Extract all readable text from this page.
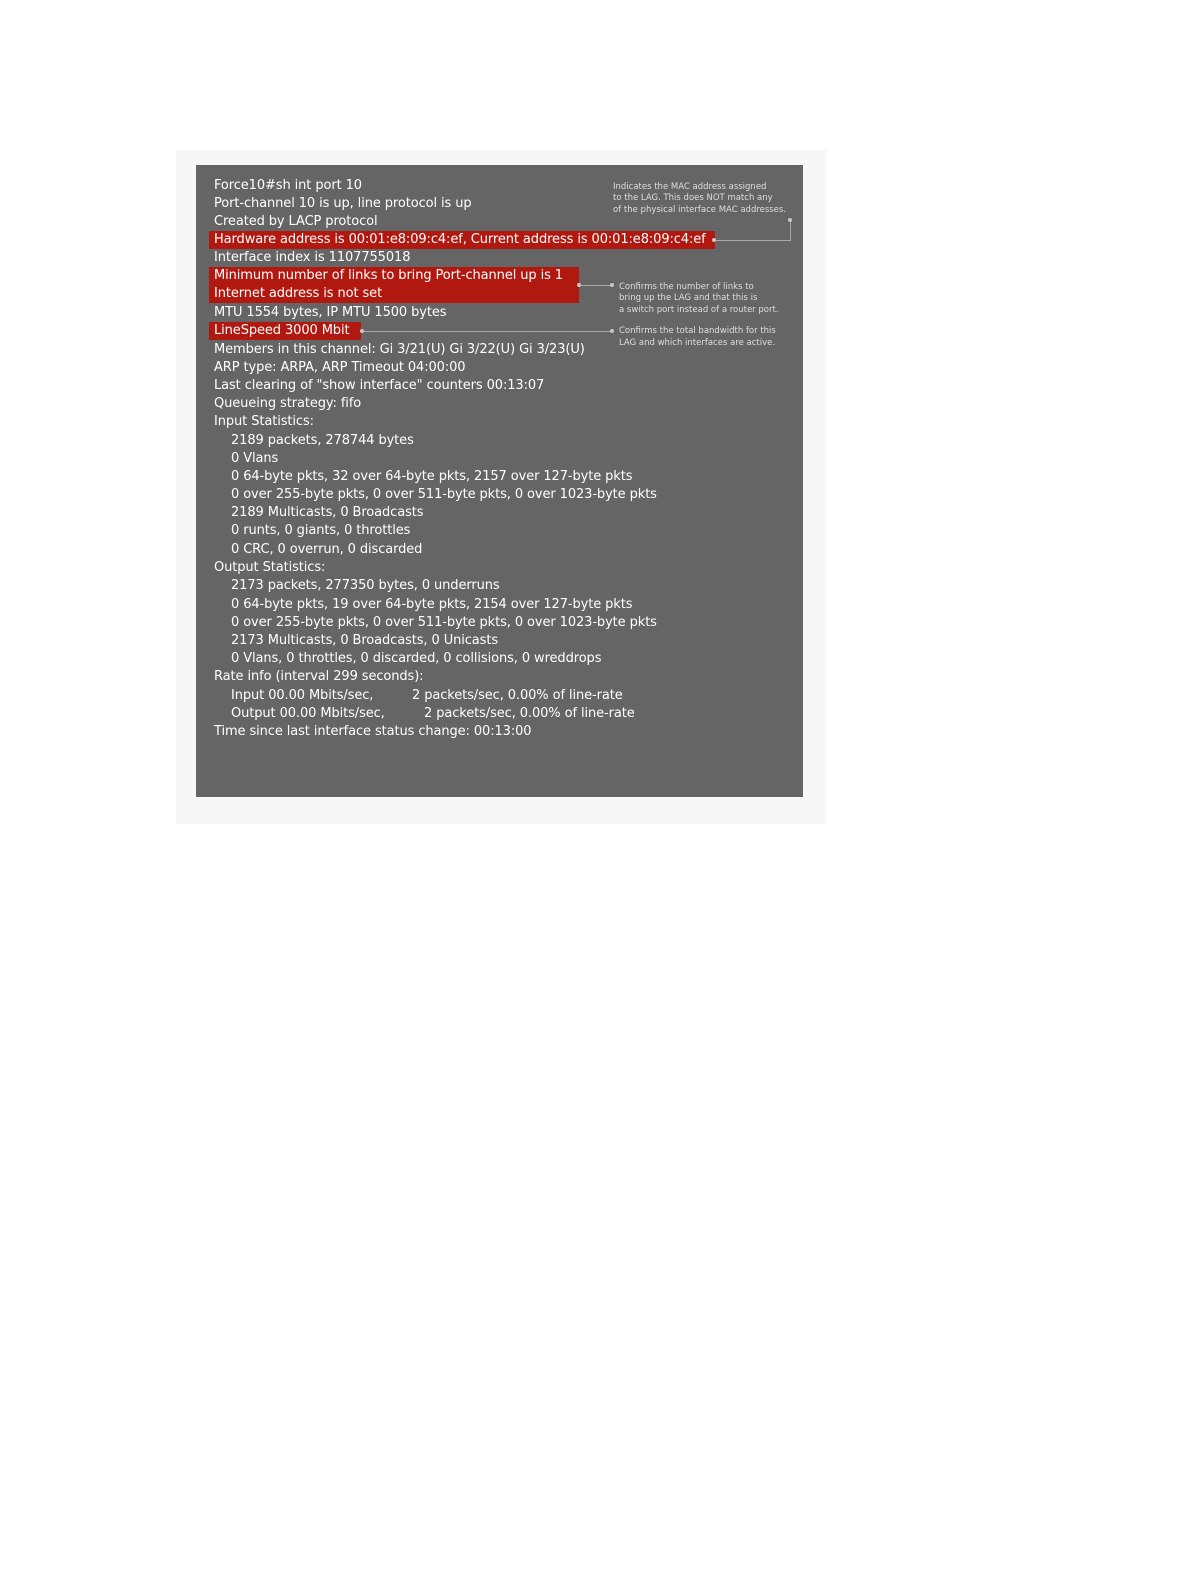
Force10#sh int port 10
Port-channel 10 is up, line protocol is up
Created by LACP protocol
Hardware address is 00:01:e8:09:c4:ef, Current address is 00:01:e8:09:c4:ef
Interface index is 1107755018
Minimum number of links to bring Port-channel up is 1
Internet address is not set
MTU 1554 bytes, IP MTU 1500 bytes
LineSpeed 3000 Mbit
Members in this channel: Gi 3/21(U) Gi 3/22(U) Gi 3/23(U)
ARP type: ARPA, ARP Timeout 04:00:00
Last clearing of "show interface" counters 00:13:07
Queueing strategy: fifo
Input Statistics:
2189 packets, 278744 bytes
0 Vlans
0 64-byte pkts, 32 over 64-byte pkts, 2157 over 127-byte pkts
0 over 255-byte pkts, 0 over 511-byte pkts, 0 over 1023-byte pkts
2189 Multicasts, 0 Broadcasts
0 runts, 0 giants, 0 throttles
0 CRC, 0 overrun, 0 discarded
Output Statistics:
2173 packets, 277350 bytes, 0 underruns
0 64-byte pkts, 19 over 64-byte pkts, 2154 over 127-byte pkts
0 over 255-byte pkts, 0 over 511-byte pkts, 0 over 1023-byte pkts
2173 Multicasts, 0 Broadcasts, 0 Unicasts
0 Vlans, 0 throttles, 0 discarded, 0 collisions, 0 wreddrops
Rate info (interval 299 seconds):
Input 00.00 Mbits/sec,	2 packets/sec, 0.00% of line-rate
Output 00.00 Mbits/sec,	2 packets/sec, 0.00% of line-rate
Time since last interface status change: 00:13:00
Indicates the MAC address assigned
to the LAG. This does NOT match any
of the physical interface MAC addresses.
Confirms the number of links to
bring up the LAG and that this is
a switch port instead of a router port.
Confirms the total bandwidth for this
LAG and which interfaces are active.
